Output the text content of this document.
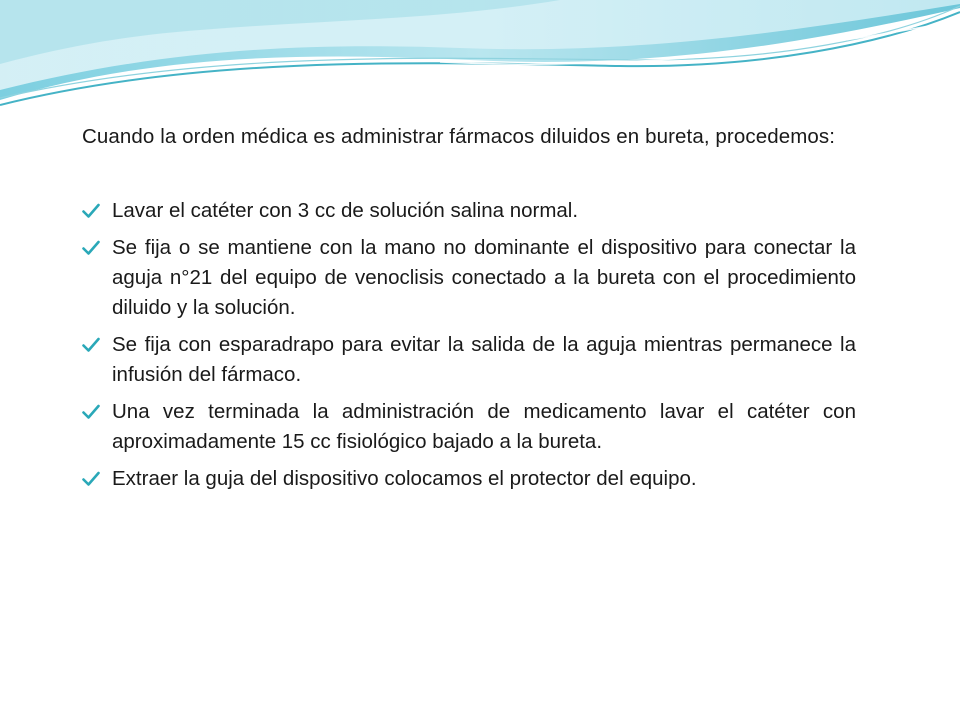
Cuando la orden médica es administrar fármacos diluidos en bureta, procedemos:

Lavar el catéter con 3 cc de solución salina normal.
Se fija o se mantiene con la mano no dominante el dispositivo para conectar la aguja n°21 del equipo de venoclisis conectado a la bureta con el procedimiento diluido y la solución.
Se fija con esparadrapo para evitar la salida de la aguja mientras permanece la infusión del fármaco.
Una vez terminada la administración de medicamento lavar el catéter con aproximadamente 15 cc fisiológico bajado a la bureta.
Extraer la guja del dispositivo colocamos el protector del equipo.
